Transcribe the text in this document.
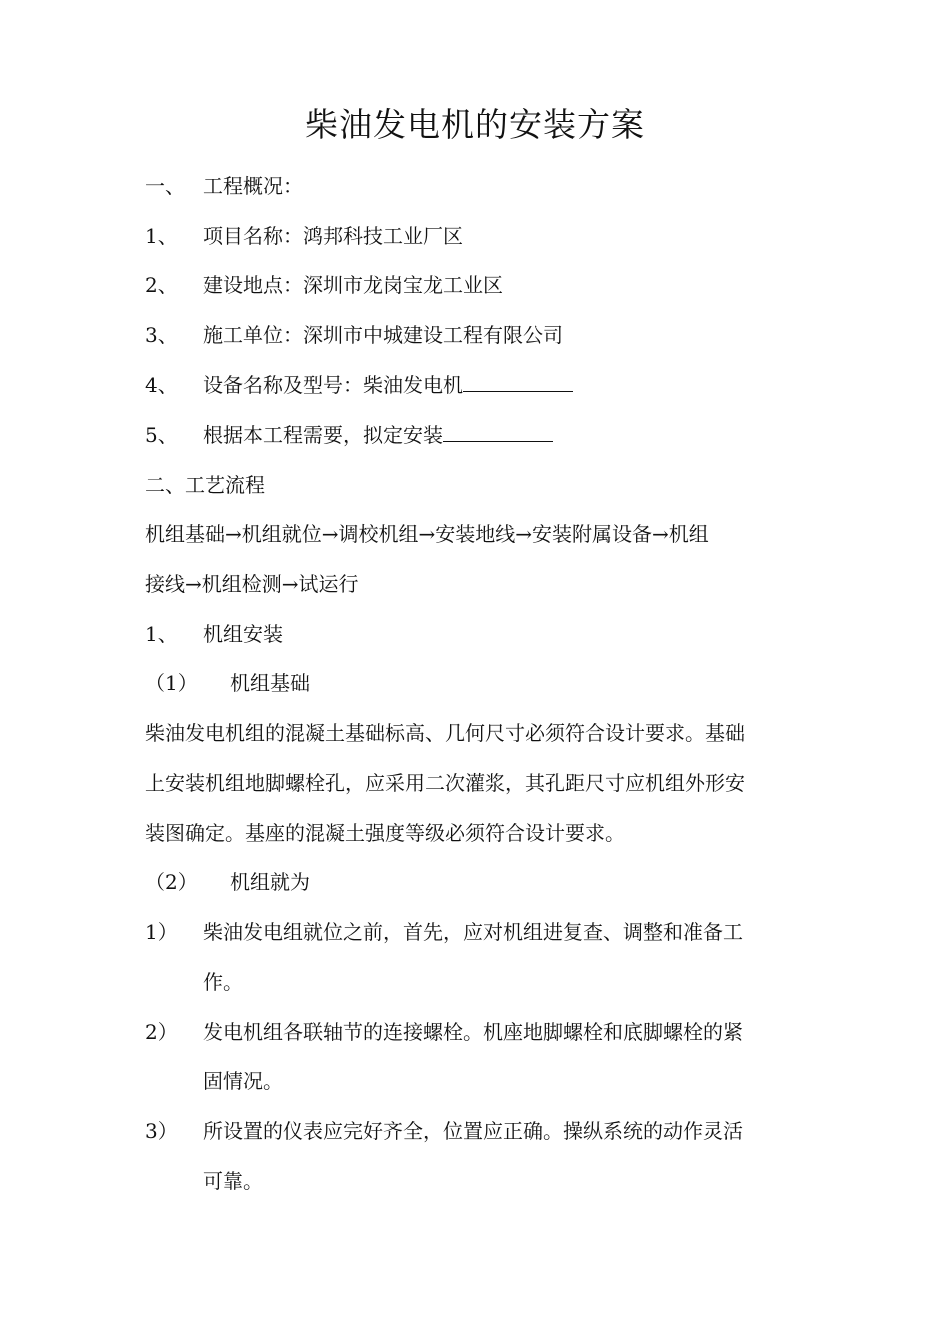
柴油发电机的安装方案
一、 工程概况：
1、 项目名称：鸿邦科技工业厂区
2、 建设地点：深圳市龙岗宝龙工业区
3、 施工单位：深圳市中城建设工程有限公司
4、 设备名称及型号：柴油发电机
5、 根据本工程需要，拟定安装
二、工艺流程
机组基础→机组就位→调校机组→安装地线→安装附属设备→机组
接线→机组检测→试运行
1、 机组安装
（1） 机组基础
柴油发电机组的混凝土基础标高、几何尺寸必须符合设计要求。基础
上安装机组地脚螺栓孔，应采用二次灌浆，其孔距尺寸应机组外形安
装图确定。基座的混凝土强度等级必须符合设计要求。
（2） 机组就为
1） 柴油发电组就位之前，首先，应对机组进复查、调整和准备工
作。
2） 发电机组各联轴节的连接螺栓。机座地脚螺栓和底脚螺栓的紧
固情况。
3） 所设置的仪表应完好齐全，位置应正确。操纵系统的动作灵活
可靠。
